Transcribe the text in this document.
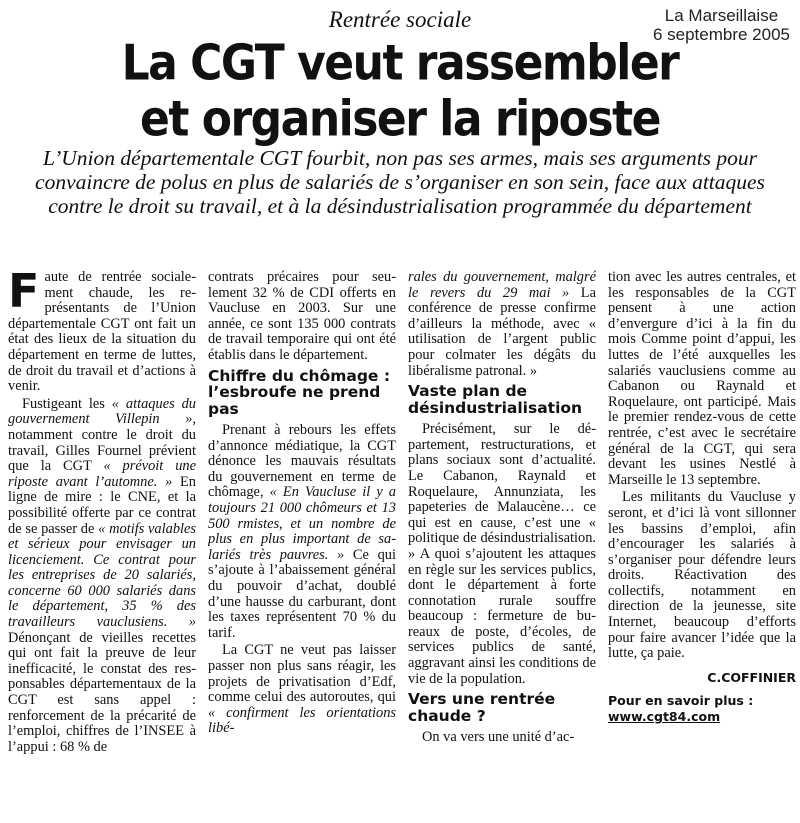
La Marseillaise
6 septembre 2005
Rentrée sociale
La CGT veut rassembler
et organiser la riposte
L’Union départementale CGT fourbit, non pas ses armes, mais ses arguments pour convaincre de polus en plus de salariés de s’organiser en son sein, face aux attaques contre le droit su travail, et à la désindustrialisation programmée du département

Faute de rentrée socialement chaude, les représentants de l’Union départementale CGT ont fait un état des lieux de la situation du département en terme de luttes, de droit du travail et d’actions à venir.

Fustigeant les « attaques du gouvernement Villepin », notamment contre le droit du travail, Gilles Fournel prévient que la CGT « prévoit une riposte avant l’automne. » En ligne de mire : le CNE, et la possibilité offerte par ce contrat de se passer de « motifs valables et sérieux pour envisager un licenciement. Ce contrat pour les entreprises de 20 salariés, concerne 60 000 salariés dans le département, 35 % des travailleurs vauclusiens. » Dénonçant de vieilles recettes qui ont fait la preuve de leur inefficacité, le constat des responsables départementaux de la CGT est sans appel : renforcement de la précarité de l’emploi, chiffres de l’INSEE à l’appui : 68 % de

contrats précaires pour seulement 32 % de CDI offerts en Vaucluse en 2003. Sur une année, ce sont 135 000 contrats de travail temporaire qui ont été établis dans le département.

Chiffre du chômage : l’esbroufe ne prend pas

Prenant à rebours les effets d’annonce médiatique, la CGT dénonce les mauvais résultats du gouvernement en terme de chômage, « En Vaucluse il y a toujours 21 000 chômeurs et 13 500 rmistes, et un nombre de plus en plus important de salariés très pauvres. » Ce qui s’ajoute à l’abaissement général du pouvoir d’achat, doublé d’une hausse du carburant, dont les taxes représentent 70 % du tarif.

La CGT ne veut pas laisser passer non plus sans réagir, les projets de privatisation d’Edf, comme celui des autoroutes, qui « confirment les orientations libé-

rales du gouvernement, malgré le revers du 29 mai » La conférence de presse confirme d’ailleurs la méthode, avec « utilisation de l’argent public pour colmater les dégâts du libéralisme patronal. »

Vaste plan de désindustrialisation

Précisément, sur le département, restructurations, et plans sociaux sont d’actualité. Le Cabanon, Raynald et Roquelaure, Annunziata, les papeteries de Malaucène… ce qui est en cause, c’est une « politique de désindustrialisation. » A quoi s’ajoutent les attaques en règle sur les services publics, dont le département à forte connotation rurale souffre beaucoup : fermeture de bureaux de poste, d’écoles, de services publics de santé, aggravant ainsi les conditions de vie de la population.

Vers une rentrée chaude ?

On va vers une unité d’ac-

tion avec les autres centrales, et les responsables de la CGT pensent à une action d’envergure d’ici à la fin du mois Comme point d’appui, les luttes de l’été auxquelles les salariés vauclusiens comme au Cabanon ou Raynald et Roquelaure, ont participé. Mais le premier rendez-vous de cette rentrée, c’est avec le secrétaire général de la CGT, qui sera devant les usines Nestlé à Marseille le 13 septembre.

Les militants du Vaucluse y seront, et d’ici là vont sillonner les bassins d’emploi, afin d’encourager les salariés à s’organiser pour défendre leurs droits. Réactivation des collectifs, notamment en direction de la jeunesse, site Internet, beaucoup d’efforts pour faire avancer l’idée que la lutte, ça paie.

C.COFFINIER
Pour en savoir plus :
www.cgt84.com
